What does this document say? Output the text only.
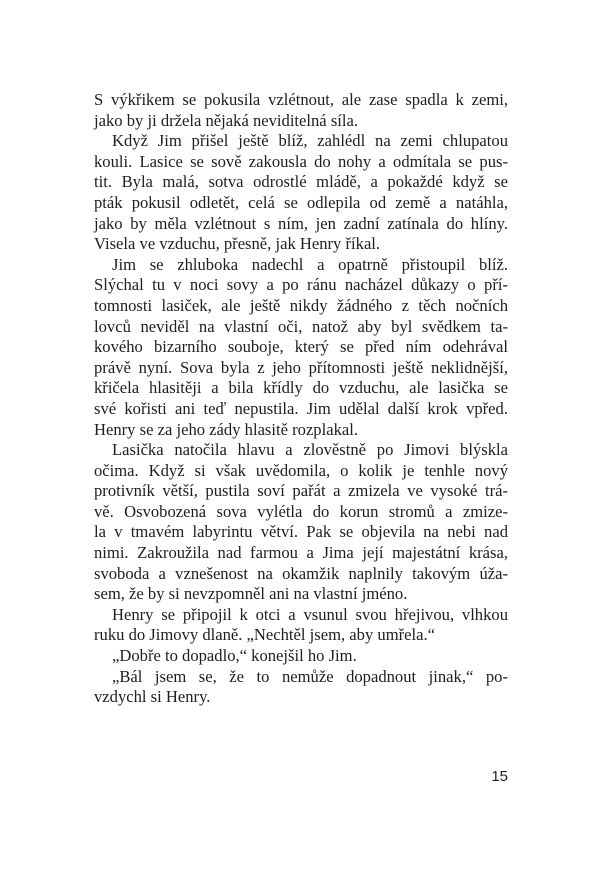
S výkřikem se pokusila vzlétnout, ale zase spadla k zemi,
jako by ji držela nějaká neviditelná síla.
Když Jim přišel ještě blíž, zahlédl na zemi chlupatou
kouli. Lasice se sově zakousla do nohy a odmítala se pus-
tit. Byla malá, sotva odrostlé mládě, a pokaždé když se
pták pokusil odletět, celá se odlepila od země a natáhla,
jako by měla vzlétnout s ním, jen zadní zatínala do hlíny.
Visela ve vzduchu, přesně, jak Henry říkal.
Jim se zhluboka nadechl a opatrně přistoupil blíž.
Slýchal tu v noci sovy a po ránu nacházel důkazy o pří-
tomnosti lasiček, ale ještě nikdy žádného z těch nočních
lovců neviděl na vlastní oči, natož aby byl svědkem ta-
kového bizarního souboje, který se před ním odehrával
právě nyní. Sova byla z jeho přítomnosti ještě neklidnější,
křičela hlasitěji a bila křídly do vzduchu, ale lasička se
své kořisti ani teď nepustila. Jim udělal další krok vpřed.
Henry se za jeho zády hlasitě rozplakal.
Lasička natočila hlavu a zlověstně po Jimovi blýskla
očima. Když si však uvědomila, o kolik je tenhle nový
protivník větší, pustila soví pařát a zmizela ve vysoké trá-
vě. Osvobozená sova vylétla do korun stromů a zmize-
la v tmavém labyrintu větví. Pak se objevila na nebi nad
nimi. Zakroužila nad farmou a Jima její majestátní krása,
svoboda a vznešenost na okamžik naplnily takovým úža-
sem, že by si nevzpomněl ani na vlastní jméno.
Henry se připojil k otci a vsunul svou hřejivou, vlhkou
ruku do Jimovy dlaně. „Nechtěl jsem, aby umřela.“
„Dobře to dopadlo,“ konejšil ho Jim.
„Bál jsem se, že to nemůže dopadnout jinak,“ po-
vzdychl si Henry.
15
